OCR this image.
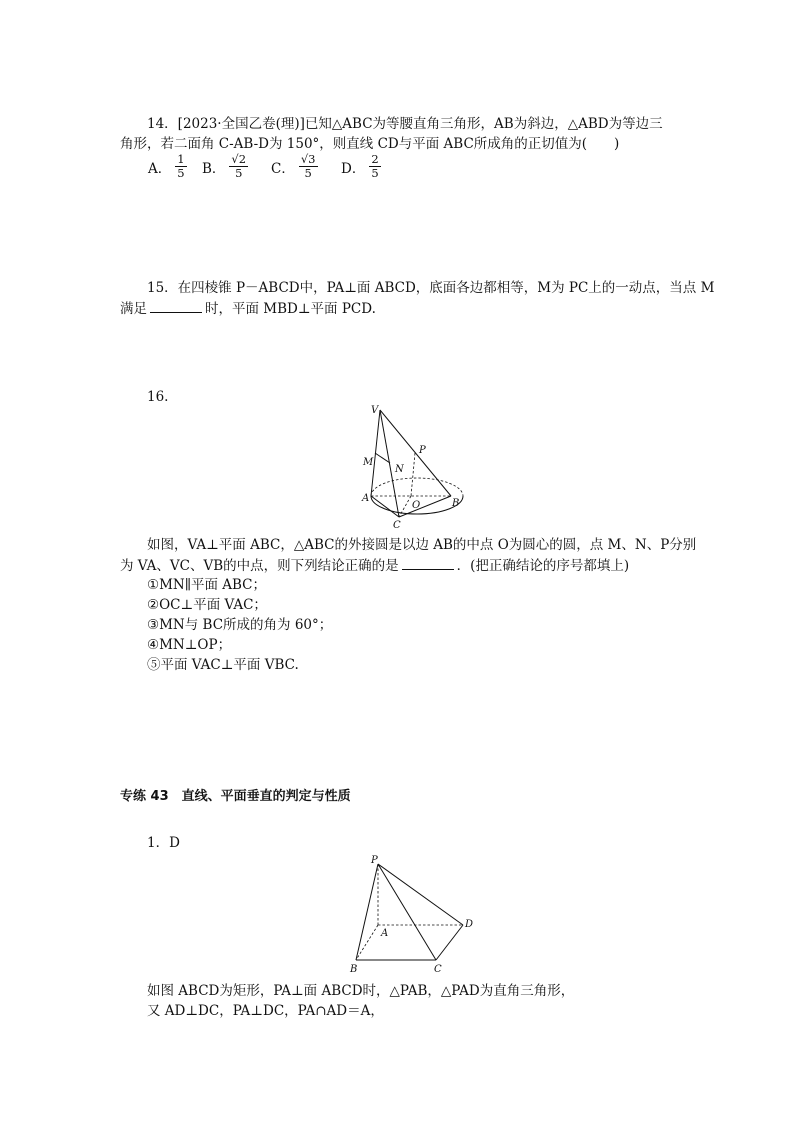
14．[2023·全国乙卷(理)]已知△ABC为等腰直角三角形，AB为斜边，△ABD为等边三
角形，若二面角 C-AB-D为 150°，则直线 CD与平面 ABC所成角的正切值为(　　)
A． $\frac{1}{5}$ B． $\frac{√2}{5}$ C． $\frac{√3}{5}$ D． $\frac{2}{5}$
15．在四棱锥 P－ABCD中，PA⊥面 ABCD，底面各边都相等，M为 PC上的一动点，当点 M
满足	时，平面 MBD⊥平面 PCD.
16.
V
M
N
P
A
O	B
C
如图，VA⊥平面 ABC，△ABC的外接圆是以边 AB的中点 O为圆心的圆，点 M、N、P分别
为 VA、VC、VB的中点，则下列结论正确的是	．(把正确结论的序号都填上)
①MN∥平面 ABC；
②OC⊥平面 VAC；
③MN与 BC所成的角为 60°；
④MN⊥OP；
⑤平面 VAC⊥平面 VBC.
专练 43　直线、平面垂直的判定与性质
1．D
P
A
B	C
D
如图 ABCD为矩形，PA⊥面 ABCD时，△PAB，△PAD为直角三角形，
又 AD⊥DC，PA⊥DC，PA∩AD＝A，
